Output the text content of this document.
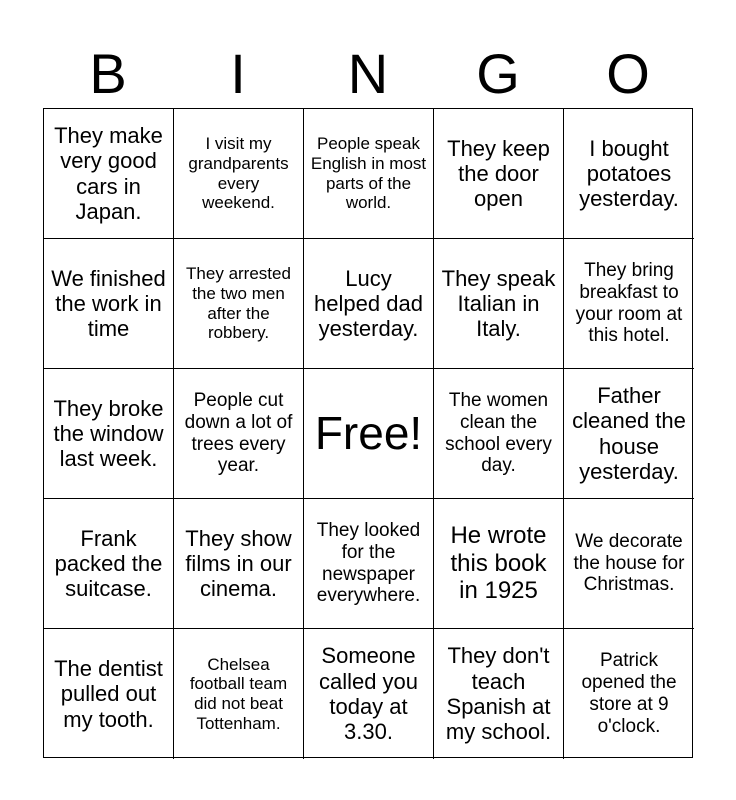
B	I	N	G	O
They make very good cars in Japan.
I visit my grandparents every weekend.
People speak English in most parts of the world.
They keep the door open
I bought potatoes yesterday.
We finished the work in time
They arrested the two men after the robbery.
Lucy helped dad yesterday.
They speak Italian in Italy.
They bring breakfast to your room at this hotel.
They broke the window last week.
People cut down a lot of trees every year.
Free!
The women clean the school every day.
Father cleaned the house yesterday.
Frank packed the suitcase.
They show films in our cinema.
They looked for the newspaper everywhere.
He wrote this book in 1925
We decorate the house for Christmas.
The dentist pulled out my tooth.
Chelsea football team did not beat Tottenham.
Someone called you today at 3.30.
They don't teach Spanish at my school.
Patrick opened the store at 9 o'clock.
